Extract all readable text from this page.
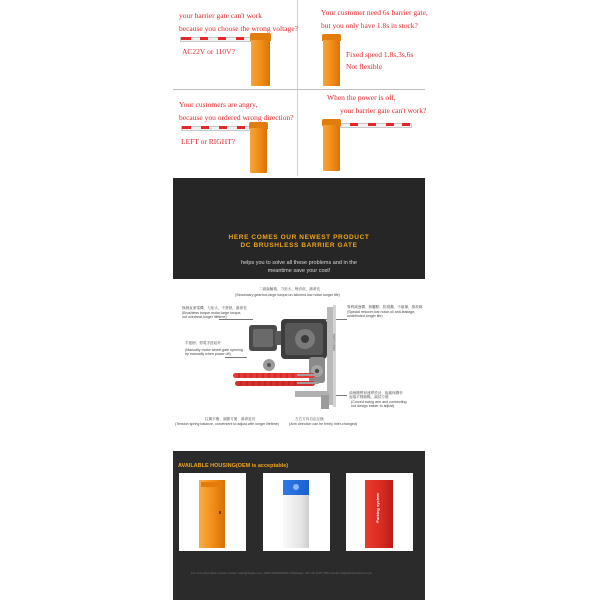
your barrier gate can't work
because you choose the wrong voltage?
AC22V or 110V?
Your customer need 6s barrier gate,
but you only have 1.8s in stock?
Fixed speed 1.8s,3s,6s
Not flexible
Your customers are angry,
because you ordered wrong direction?
LEFT or RIGHT?
When the power is off,
your barrier gate can't work?
HERE COMES OUR NEWEST PRODUCT
DC BRUSHLESS BARRIER GATE
helps you to solve all these problems and in the
meantime save your cost!
二級齒輪箱、力矩大、噪音低、壽命長
(Secondary gearbox,large torque,un-stitched,low noise,longer life)
無刷直流電機、力矩大、不發熱、壽命長
(Brushless torque motor,large torque,
not overheat,longer lifetime)
專利減速機、無觸點、防潑濺、不碰撞、無故障
(Special reducer,lost noise,oil anti-leakage,
undefinded,longer life)
手搖柄、停電手搖起杆
(Manually motor wheel,gate opening
by manually when power off)
曲柄擺臂和連桿設計，能確保閘杆
起落平穩順暢，調試方便
(Curved swing arm and connecting
rod design easier to adjust)
拉簧平衡、調節方便、壽命更長
(Tension spring balance, convenient to adjust,with longer lifetime)
左右方向自由互換
(Arm direction can be freely inter-changed)
ZOHO GATE
AVAILABLE HOUSING(OEM is acceptable)
Parking system
For more information, please contact: sales@zkgate.com | 0086-15000000000 | Whatsapp: +86 131 1148 7395 | Email: info@barriersolutions.com
